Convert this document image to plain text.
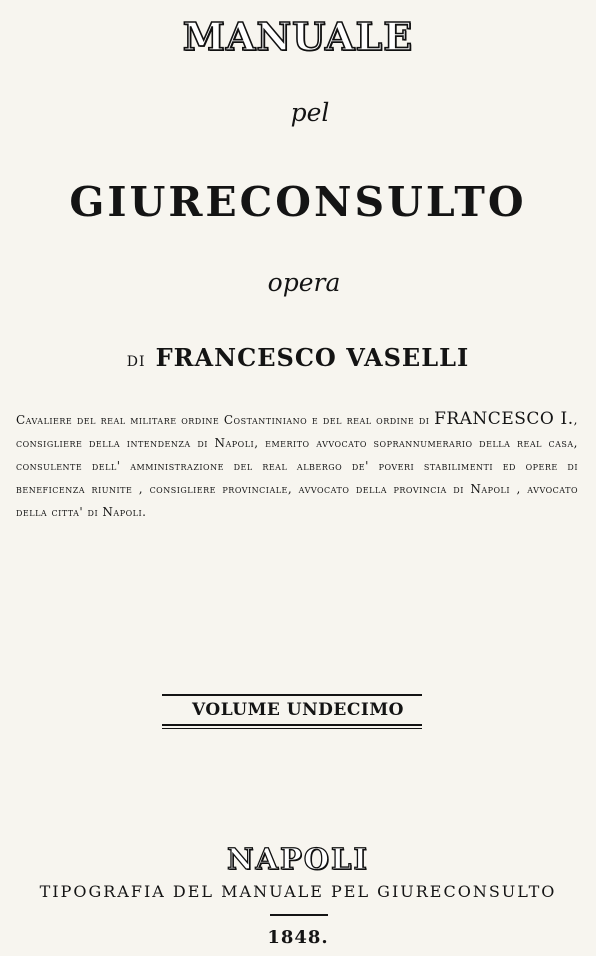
MANUALE
pel
GIURECONSULTO
opera
DI FRANCESCO VASELLI
Cavaliere del real militare ordine Costantiniano e del real ordine di FRANCESCO I., consigliere della intendenza di Napoli, emerito avvocato soprannumerario della real casa, consulente dell' amministrazione del real albergo de' poveri stabilimenti ed opere di beneficenza riunite , consigliere provinciale, avvocato della provincia di Napoli , avvocato della citta' di Napoli.
VOLUME UNDECIMO
NAPOLI
TIPOGRAFIA DEL MANUALE PEL GIURECONSULTO
1848.
